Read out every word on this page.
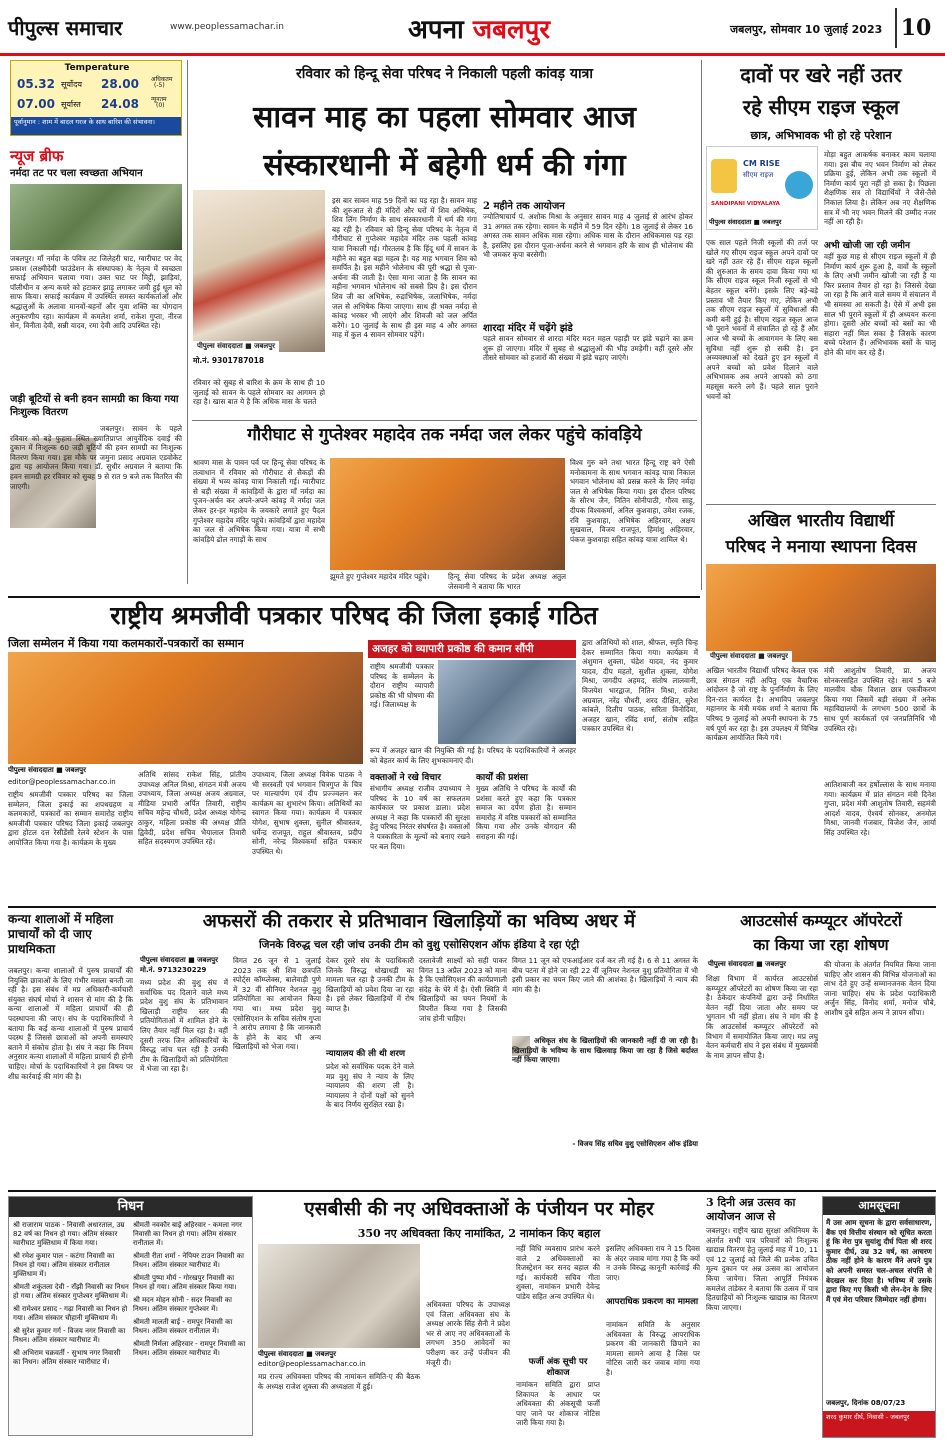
पीपुल्स समाचार	www.peoplessamachar.in	अपना जबलपुर	जबलपुर, सोमवार 10 जुलाई 2023 10
Temperature
05.32 सूर्योदय 28.00 अधिकतम
(-5)
07.00 सूर्यास्त 24.08 न्यूनतम
(0)
पूर्वानुमान : शाम में बादल गरज के साथ बारिश की संभावना।
न्यूज ब्रीफ
नर्मदा तट पर चला स्वच्छता अभियान
जबलपुर। माँ नर्मदा के पवित्र तट जिलेहरी घाट, ग्वारीघाट पर वेद प्रकाश (लक्ष्मीदेवी फाउंडेशन के संस्थापक) के नेतृत्व में स्वच्छता सफाई अभियान चलाया गया। उक्त घाट पर मिट्टी, झाड़ियां, पॉलीथीन व अन्य कचरे को हटाकर झाड़ू लगाकर जमी हुई धूल को साफ किया। सफाई कार्यक्रम में उपस्थित समस्त कार्यकर्ताओं और श्रद्धालुओं के अलावा मानवों-बहनों और युवा शक्ति का योगदान अनुकरणीय रहा। कार्यक्रम में कमलेश शर्मा, राकेश गुप्ता, नीरज सेन, विनीता देवी, सन्नी यादव, रमा देवी आदि उपस्थित रहे।
जड़ी बूटियों से बनी हवन सामग्री का किया गया निःशुल्क वितरण
जबलपुर। सावन के पहले रविवार को बड़े फुहारा स्थित ख्यातिप्राप्त आयुर्वेदिक दवाई की दुकान में निःशुल्क 60 जड़ी बूटियों की हवन सामग्री का निःशुल्क वितरण किया गया। इस मौके पर जमुना प्रसाद अग्रवाल एडवोकेट द्वारा यह आयोजन किया गया। डॉ. सुधीर अग्रवाल ने बताया कि हवन सामग्री हर रविवार को सुबह 9 से रात 9 बजे तक वितरित की जाएगी।
रविवार को हिन्दू सेवा परिषद ने निकाली पहली कांवड़ यात्रा
सावन माह का पहला सोमवार आज
संस्कारधानी में बहेगी धर्म की गंगा
पीपुल्स संवाददाता ■ जबलपुर
मो.नं. 9301787018
रविवार को सुबह से बारिश के क्रम के साथ ही 10 जुलाई को सावन के पहले सोमवार का आगमन हो रहा है। खास बात ये है कि अधिक मास के चलते
इस बार सावन माह 59 दिनों का पड़ रहा है। सावन माह की शुरुआत से ही मंदिरों और घरों में शिव अभिषेक, शिव लिंग निर्माण के साथ संस्कारधानी में धर्म की गंगा बह रही है। रविवार को हिन्दू सेवा परिषद के नेतृत्व में गौरीघाट से गुप्तेश्वर महादेव मंदिर तक पहली कांवड़ यात्रा निकाली गई। गौरतलब है कि हिंदू धर्म में सावन के महीने का बहुत बड़ा महत्व है। यह माह भगवान शिव को समर्पित है। इस महीने भोलेनाथ की पूरी श्रद्धा से पूजा-अर्चना की जाती है। ऐसा माना जाता है कि सावन का महीना भगवान भोलेनाथ को सबसे प्रिय है। इस दौरान शिव जी का अभिषेक, रुद्राभिषेक, जलाभिषेक, नर्मदा जल से अभिषेक किया जाएगा। साथ ही भक्त नर्मदा से कांवड़ भरकर भी लाएंगे और शिवजी को जल अर्पित करेंगे। 10 जुलाई के साथ ही इस माह 4 और अगस्त माह में कुल 4 सावन सोमवार पड़ेंगे।
2 महीने तक आयोजन
ज्योतिषाचार्य पं. अशोक मिश्रा के अनुसार सावन माह 4 जुलाई से आरंभ होकर 31 अगस्त तक रहेगा। सावन के महीने में 59 दिन रहेंगे। 18 जुलाई से लेकर 16 अगस्त तक सावन अधिक मास रहेगा। अधिक मास के दौरान अधिकमास पड़ रहा है, इसलिए इस दौरान पूजा-अर्चना करने से भगवान हरि के साथ ही भोलेनाथ की भी जमकर कृपा बरसेगी।
शारदा मंदिर में चढ़ेंगे झंडे
पहले सावन सोमवार से शारदा मंदिर मदन महल पहाड़ी पर झंडे चढ़ाने का क्रम शुरू हो जाएगा। मंदिर में सुबह से श्रद्धालुओं की भीड़ उमड़ेगी। वहीं दूसरे और तीसरे सोमवार को हजारों की संख्या में झंडे चढ़ाए जाएंगे।
गौरीघाट से गुप्तेश्वर महादेव तक नर्मदा जल लेकर पहुंचे कांवड़िये
श्रावण मास के पावन पर्व पर हिन्दू सेवा परिषद के तत्वाधान में रविवार को गौरीघाट से सैकड़ों की संख्या में भव्य कांवड़ यात्रा निकाली गई। ग्वारीघाट से बड़ी संख्या में कांवड़ियों के द्वारा माँ नर्मदा का पूजन-अर्चन कर अपने-अपने कांवड़ में नर्मदा जल लेकर हर-हर महादेव के जयकारे लगाते हुए पैदल गुप्तेश्वर महादेव मंदिर पहुंचे। कांवड़ियों द्वारा महादेव का जल से अभिषेक किया गया। यात्रा में सभी कांवड़िये ढोल नगाड़ों के साथ
झूमते हुए गुप्तेश्वर महादेव मंदिर पहुंचे।	हिन्दू सेवा परिषद के प्रदेश अध्यक्ष अतुल जेसवानी ने बताया कि भारत
विश्व गुरु बने तथा भारत हिन्दू राष्ट्र बने ऐसी मनोकामना के साथ भगवान कांवड़ यात्रा निकाल भगवान भोलेनाथ को प्रसन्न करने के लिए नर्मदा जल से अभिषेक किया गया। इस दौरान परिषद के सौरभ जैन, नितिन सोनीपाठी, गौरव साहू, दीपक विश्वकर्मा, अनिल कुशवाहा, उमेश रजक, रवि कुशवाहा, अभिषेक अहिरवार, अक्षय सुखवाल, विजय राजपूत, हिमांशु अहिरवार, पंकज कुशवाहा सहित कांवड़ यात्रा शामिल थे।
दावों पर खरे नहीं उतर
रहे सीएम राइज स्कूल
छात्र, अभिभावक भी हो रहे परेशान
CM RISE
सीएम राइज
SANDIPANI VIDYALAYA
पीपुल्स संवाददाता ■ जबलपुर
मोड़ा बहुत आकर्षक बनाकर काम चलाया गया। इस बीच नए भवन निर्माण को लेकर प्रक्रिया हुई, लेकिन अभी तक स्कूलों में निर्माण कार्य पूरा नहीं हो सका है। पिछला शैक्षणिक सत्र तो विद्यार्थियों ने जैसे-तैसे निकाल लिया है। लेकिन अब नए शैक्षणिक सत्र में भी नए भवन मिलने की उम्मीद नजर नहीं आ रही है।
एक साल पहले निजी स्कूलों की तर्ज पर खोले गए सीएम राइज स्कूल अपने दावों पर खरे नहीं उतर रहे हैं। सीएम राइज स्कूलों की शुरुआत के समय दावा किया गया था कि सीएम राइज स्कूल निजी स्कूलों से भी बेहतर स्कूल बनेंगे। इसके लिए बड़े-बड़े प्रस्ताव भी तैयार किए गए, लेकिन अभी तक सीएम राइज स्कूलों में सुविधाओं की कमी बनी हुई है। सीएम राइज स्कूल आज भी पुराने भवनों में संचालित हो रहे हैं और आज भी बच्चों के आवागमन के लिए बस सुविधा नहीं शुरू हो सकी है। इन अव्यवस्थाओं को देखते हुए इन स्कूलों में अपने बच्चों को प्रवेश दिलाने वाले अभिभावक अब अपने आपको को ठगा महसूस करने लगे हैं। पहले साल पुराने भवनों को
अभी खोजी जा रही जमीन
वहीं कुछ माह से सीएम राइज स्कूलों में ही निर्माण कार्य शुरू हुआ है, वावों के स्कूलों के लिए अभी जमीन खोजी जा रही है या फिर प्रस्ताव तैयार हो रहा है। जिससे देखा जा रहा है कि आने वाले समय में संचालन में भी समस्या आ सकती है। ऐसे में अभी इस साल भी पुराने स्कूलों में ही अध्ययन करना होगा। दूसरी ओर बच्चों को बसों का भी सहारा नहीं मिल सका है जिसके कारण बच्चे परेशान हैं। अभिभावक बसों के चालू होने की मांग कर रहे हैं।
अखिल भारतीय विद्यार्थी
परिषद ने मनाया स्थापना दिवस
पीपुल्स संवाददाता ■ जबलपुर
अखिल भारतीय विद्यार्थी परिषद केवल एक छात्र संगठन नहीं अपितु एक वैचारिक आंदोलन है जो राष्ट्र के पुनर्निर्माण के लिए दिन-रात कार्यरत है। अभाविप जबलपुर महानगर के मंत्री मयंक शर्मा ने बताया कि परिषद 9 जुलाई को अपनी स्थापना के 75 वर्ष पूर्ण कर रहा है। इस उपलक्ष्य में विभिन्न कार्यक्रम आयोजित किये गये।
मंत्री आशुतोष तिवारी, प्रा. अजय सोनकरसहित उपस्थित रहे। सायं 5 बजे मालवीय चौक विशाल छात्र एकत्रीकरण किया गया जिसमें बड़ी संख्या में अनेक महाविद्यालयों के लगभग 500 छात्रों के साथ पूर्ण कार्यकर्ता एवं जनप्रतिनिधि भी उपस्थित रहे।
आतिशबाजी कर हर्षोल्लास के साथ मनाया गया। कार्यक्रम में प्रांत संगठन मंत्री दिनेश गुप्ता, प्रदेश मंत्री आशुतोष तिवारी, सहमंत्री आदर्श यादव, ऐश्वर्य सोनकर, अनमोल मिश्रा, जानवी गंजबार, विजेश जैन, आर्या सिंह उपस्थित रहे।
राष्ट्रीय श्रमजीवी पत्रकार परिषद की जिला इकाई गठित
जिला सम्मेलन में किया गया कलमकारों-पत्रकारों का सम्मान
पीपुल्स संवाददाता ■ जबलपुर
editor@peoplessamachar.co.in
राष्ट्रीय श्रमजीवी पत्रकार परिषद का जिला सम्मेलन, जिला इकाई का शपथग्रहण व कलमकारों, पत्रकारों का सम्मान समारोह राष्ट्रीय श्रमजीवी पत्रकार परिषद जिला इकाई जबलपुर द्वारा होटल दत्त रेसीडेंसी रेलवे स्टेशन के पास आयोजित किया गया है। कार्यक्रम के मुख्य
अतिथि सांसद राकेश सिंह, प्रांतीय उपाध्यक्ष अनिल मिश्रा, संगठन मंत्री अजय उपाध्याय, जिला अध्यक्ष अजय अग्रवाल, मीडिया प्रभारी अर्पित तिवारी, राष्ट्रीय सचिव महेन्द्र चौधरी, प्रदेश अध्यक्ष योगेन्द्र ठाकुर, महिला प्रकोष्ठ की अध्यक्ष प्रीति द्विवेदी, प्रदेश सचिव भैयालाल तिवारी सहित सदस्यगण उपस्थित रहे।
उपाध्याय, जिला अध्यक्ष विवेक पाठक ने भी सरस्वती एवं भगवान चित्रगुप्त के चित्र पर माल्यार्पण एवं दीप प्रज्ज्वलन कर कार्यक्रम का शुभारंभ किया। अतिथियों का स्वागत किया गया। कार्यक्रम में पत्रकार योगेश, सुभाष शुक्ला, सुनील श्रीवास्तव, धर्मेन्द्र राजपूत, राहुल श्रीवास्तव, प्रदीप सोनी, नरेन्द्र विश्वकर्मा सहित पत्रकार उपस्थित थे।
अजहर को व्यापारी प्रकोष्ठ की कमान सौंपी
राष्ट्रीय श्रमजीवी पत्रकार परिषद के सम्मेलन के दौरान राष्ट्रीय व्यापारी प्रकोष्ठ की भी घोषणा की गई। जिलाध्यक्ष के
रूप में अजहर खान की नियुक्ति की गई है। परिषद के पदाधिकारियों ने अजहर को बेहतर कार्य के लिए शुभकामनाएं दी।
वक्ताओं ने रखे विचार
संभागीय अध्यक्ष राजीव उपाध्याय ने परिषद के 10 वर्ष का सफलतम कार्यकाल पर प्रकाश डाला। प्रदेश अध्यक्ष ने कहा कि पत्रकारों की सुरक्षा हेतु परिषद निरंतर संघर्षरत है। वक्ताओं ने पत्रकारिता के मूल्यों को बनाए रखने पर बल दिया।
कार्यों की प्रशंसा
मुख्य अतिथि ने परिषद के कार्यों की प्रशंसा करते हुए कहा कि पत्रकार समाज का दर्पण होता है। सम्मान समारोह में वरिष्ठ पत्रकारों को सम्मानित किया गया और उनके योगदान की सराहना की गई।
द्वारा अतिथियों को शाल, श्रीफल, स्मृति चिन्ह देकर सम्मानित किया गया। कार्यक्रम में अंशुमान शुक्ला, चंद्रेश यादव, नंद कुमार यादव, दीप महतो, सुशील शुक्ला, योगेश मिश्रा, जगदीप अहमद, संतोष लालवानी, विजयेश भारद्वाज, नितिन मिश्रा, राजेश अग्रवाल, नरेंद्र चौधरी, शरद दीक्षित, सुरेश कांबले, दिलीप पाठक, सरिता विनोदिया, अजहर खान, रविंद्र शर्मा, संतोष सहित पत्रकार उपस्थित थे।
कन्या शालाओं में महिला प्राचार्यों को दी जाए प्राथमिकता
जबलपुर। कन्या शालाओं में पुरुष प्राचार्यों की नियुक्ति छात्राओं के लिए गंभीर मसला बनती जा रही है। इस संबंध में मप्र अधिकारी-कर्मचारी संयुक्त संघर्ष मोर्चा ने शासन से मांग की है कि कन्या शालाओं में महिला प्राचार्यों की ही पदस्थापना की जाए। संघ के पदाधिकारियों ने बताया कि कई कन्या शालाओं में पुरुष प्राचार्य पदस्थ हैं जिससे छात्राओं को अपनी समस्याएं बताने में संकोच होता है। संघ ने कहा कि नियम अनुसार कन्या शालाओं में महिला प्राचार्य ही होनी चाहिए। मोर्चा के पदाधिकारियों ने इस विषय पर शीघ्र कार्रवाई की मांग की है।
अफसरों की तकरार से प्रतिभावान खिलाड़ियों का भविष्य अधर में
जिनके विरुद्ध चल रही जांच उनकी टीम को वुशु एसोसिएशन ऑफ इंडिया दे रहा एंट्री
पीपुल्स संवाददाता ■ जबलपुर
मो.नं. 9713230229
मध्य प्रदेश की वुशु संघ में सर्वाधिक पद दिलाने वाले मध्य प्रदेश वुशु संघ के प्रतिभावान खिलाड़ी राष्ट्रीय स्तर की प्रतियोगिताओं में शामिल होने के लिए तैयार नहीं मिल रहा है। वहीं दूसरी तरफ जिन अधिकारियों के विरुद्ध जांच चल रही है उनकी टीम के खिलाड़ियों को प्रतियोगिता में भेजा जा रहा है।
विगत 26 जून से 1 जुलाई 2023 तक श्री शिव छत्रपति स्पोर्ट्स कॉम्प्लेक्स, बालेवाड़ी पुणे में 32 वीं सीनियर नेशनल वुशु प्रतियोगिता का आयोजन किया गया था। मध्य प्रदेश वुशु एसोसिएशन के सचिव संतोष गुप्ता ने आरोप लगाया है कि जानकारी के होने के बाद भी अन्य खिलाड़ियों को भेजा गया।
देकर दूसरे संघ के पदाधिकारी जिनके विरुद्ध धोखाधड़ी का मामला चल रहा है उनकी टीम के खिलाड़ियों को प्रवेश दिया जा रहा है। इसे लेकर खिलाड़ियों में रोष व्याप्त है।
न्यायालय की ली थी शरण
प्रदेश को सर्वाधिक पदक देने वाले मप्र वुशु संघ ने न्याय के लिए न्यायालय की शरण ली है। न्यायालय ने दोनों पक्षों को सुनने के बाद निर्णय सुरक्षित रखा है।
दस्तावेजी साक्ष्यों को सही पाकर विगत 13 अप्रैल 2023 को माना है कि एसोसिएशन की कार्यप्रणाली संदेह के घेरे में है। ऐसी स्थिति में खिलाड़ियों का चयन नियमों के विपरीत किया गया है जिसकी जांच होनी चाहिए।
विगत 11 जून को एफआईआर दर्ज कर ली गई है। 6 से 11 अगस्त के बीच पटना में होने जा रही 22 वीं जूनियर नेशनल वुशु प्रतियोगिता में भी इसी प्रकार का चयन किए जाने की आशंका है। खिलाड़ियों ने न्याय की मांग की है।
अधिकृत संघ के खिलाड़ियों की जानकारी नहीं दी जा रही है। खिलाड़ियों के भविष्य के साथ खिलवाड़ किया जा रहा है जिसे बर्दाश्त नहीं किया जाएगा।
- विजय सिंह सचिव वुशु एसोसिएशन ऑफ इंडिया
आउटसोर्स कम्प्यूटर ऑपरेटरों
का किया जा रहा शोषण
पीपुल्स संवाददाता ■ जबलपुर	की योजना के अंतर्गत नियमित किया जाना चाहिए और शासन की विभिन्न योजनाओं का लाभ देते हुए उन्हें सम्मानजनक वेतन दिया जाना चाहिए। संघ के प्रदेश पदाधिकारी अर्जुन सिंह, विनोद शर्मा, मनोज चौबे, आशीष दुबे सहित अन्य ने ज्ञापन सौंपा।
शिक्षा विभाग में कार्यरत आउटसोर्स कम्प्यूटर ऑपरेटरों का शोषण किया जा रहा है। ठेकेदार कंपनियों द्वारा उन्हें निर्धारित वेतन नहीं दिया जाता और समय पर भुगतान भी नहीं होता। संघ ने मांग की है कि आउटसोर्स कम्प्यूटर ऑपरेटरों को विभाग में समायोजित किया जाए। मप्र लघु वेतन कर्मचारी संघ ने इस संबंध में मुख्यमंत्री के नाम ज्ञापन सौंपा है।
निधन
श्री राजाराम पाठक - निवासी अधारताल, उम्र 82 वर्ष का निधन हो गया। अंतिम संस्कार ग्वारीघाट मुक्तिधाम में किया गया।
श्री रमेश कुमार पाल - कटंगा निवासी का निधन हो गया। अंतिम संस्कार रानीताल मुक्तिधाम में।
श्रीमती शकुंतला देवी - राँझी निवासी का निधन हो गया। अंतिम संस्कार गुप्तेश्वर मुक्तिधाम में।
श्री रामेश्वर प्रसाद - गढ़ा निवासी का निधन हो गया। अंतिम संस्कार चौहानी मुक्तिधाम में।
श्री सुरेश कुमार गर्ग - विजय नगर निवासी का निधन। अंतिम संस्कार ग्वारीघाट में।
श्री अभिराम चक्रवर्ती - सुभाष नगर निवासी का निधन। अंतिम संस्कार ग्वारीघाट में।
श्रीमती नवकौर बाई अहिरवार - कमला नगर निवासी का निधन हो गया। अंतिम संस्कार रानीताल में।
श्रीमती रीता शर्मा - नेपियर टाउन निवासी का निधन। अंतिम संस्कार ग्वारीघाट में।
श्रीमती पुष्पा मौर्य - गोरखपुर निवासी का निधन हो गया। अंतिम संस्कार किया गया।
श्री मदन मोहन सोनी - सदर निवासी का निधन। अंतिम संस्कार गुप्तेश्वर में।
श्रीमती मालती बाई - रामपुर निवासी का निधन। अंतिम संस्कार रानीताल में।
श्रीमती निर्मला अहिरवार - रामपुर निवासी का निधन। अंतिम संस्कार ग्वारीघाट में।
एसबीसी की नए अधिवक्ताओं के पंजीयन पर मोहर
350 नए अधिवक्ता किए नामांकित, 2 नामांकन किए बहाल
पीपुल्स संवाददाता ■ जबलपुर
editor@peoplessamachar.co.in
मप्र राज्य अधिवक्ता परिषद की नामांकन समिति-ए की बैठक के अध्यक्ष राजेश शुक्ला की अध्यक्षता में हुई।
अधिवक्ता परिषद के उपाध्यक्ष एवं जिला अधिवक्ता संघ के अध्यक्ष आरके सिंह सैनी ने प्रदेश भर से आए नए अधिवक्ताओं के लगभग 350 आवेदनों का परीक्षण कर उन्हें पंजीयन की मंजूरी दी।
नहीं विधि व्यवसाय प्रारंभ करने वाले 2 अधिवक्ताओं का रिजस्ट्रेशन कर सनद बहाल की गई। कार्यकारी सचिव गीता शुक्ला, नामांकन प्रभारी देवेन्द्र पांडेय सहित अन्य उपस्थित थे।
फर्जी अंक सूची पर शोकाज
नामांकन समिति द्वारा प्राप्त शिकायत के आधार पर अधिवक्ता की अंकसूची फर्जी पाए जाने पर शोकाज नोटिस जारी किया गया है।
इसलिए अधिवक्ता राय ने 15 दिवस के अंदर जवाब मांगा गया है कि क्यों न उनके विरुद्ध कानूनी कार्रवाई की जाए।
आपराधिक प्रकरण का मामला
नामांकन समिति के अनुसार अधिवक्ता के विरुद्ध आपराधिक प्रकरण की जानकारी छिपाने का मामला सामने आया है जिस पर नोटिस जारी कर जवाब मांगा गया है।
3 दिनी अन्न उत्सव का आयोजन आज से
जबलपुर। राष्ट्रीय खाद्य सुरक्षा अधिनियम के अंतर्गत सभी पात्र परिवारों को निःशुल्क खाद्यान्न वितरण हेतु जुलाई माह में 10, 11 एवं 12 जुलाई को जिले की प्रत्येक उचित मूल्य दुकान पर अन्न उत्सव का आयोजन किया जायेगा। जिला आपूर्ति नियंत्रक कमलेश तांडेकर ने बताया कि उत्सव में पात्र हितग्राहियों को निःशुल्क खाद्यान्न का वितरण किया जाएगा।
आमसूचना
मैं उस आम सूचना के द्वारा सर्वसाधारण, बैंक एवं वित्तीय संस्थान को सूचित करता हूं कि मेरा पुत्र सुयांशु दीर्घ पिता श्री शरद कुमार दीर्घ, उम्र 32 वर्ष, का आचरण ठीक नहीं होने के कारण मैंने अपने पुत्र को अपनी समस्त चल-अचल संपत्ति से बेदखल कर दिया है। भविष्य में उसके द्वारा किए गए किसी भी लेन-देन के लिए मैं एवं मेरा परिवार जिम्मेदार नहीं होगा।
जबलपुर, दिनांक 08/07/23
शरद कुमार दीर्घ, निवासी - जबलपुर
